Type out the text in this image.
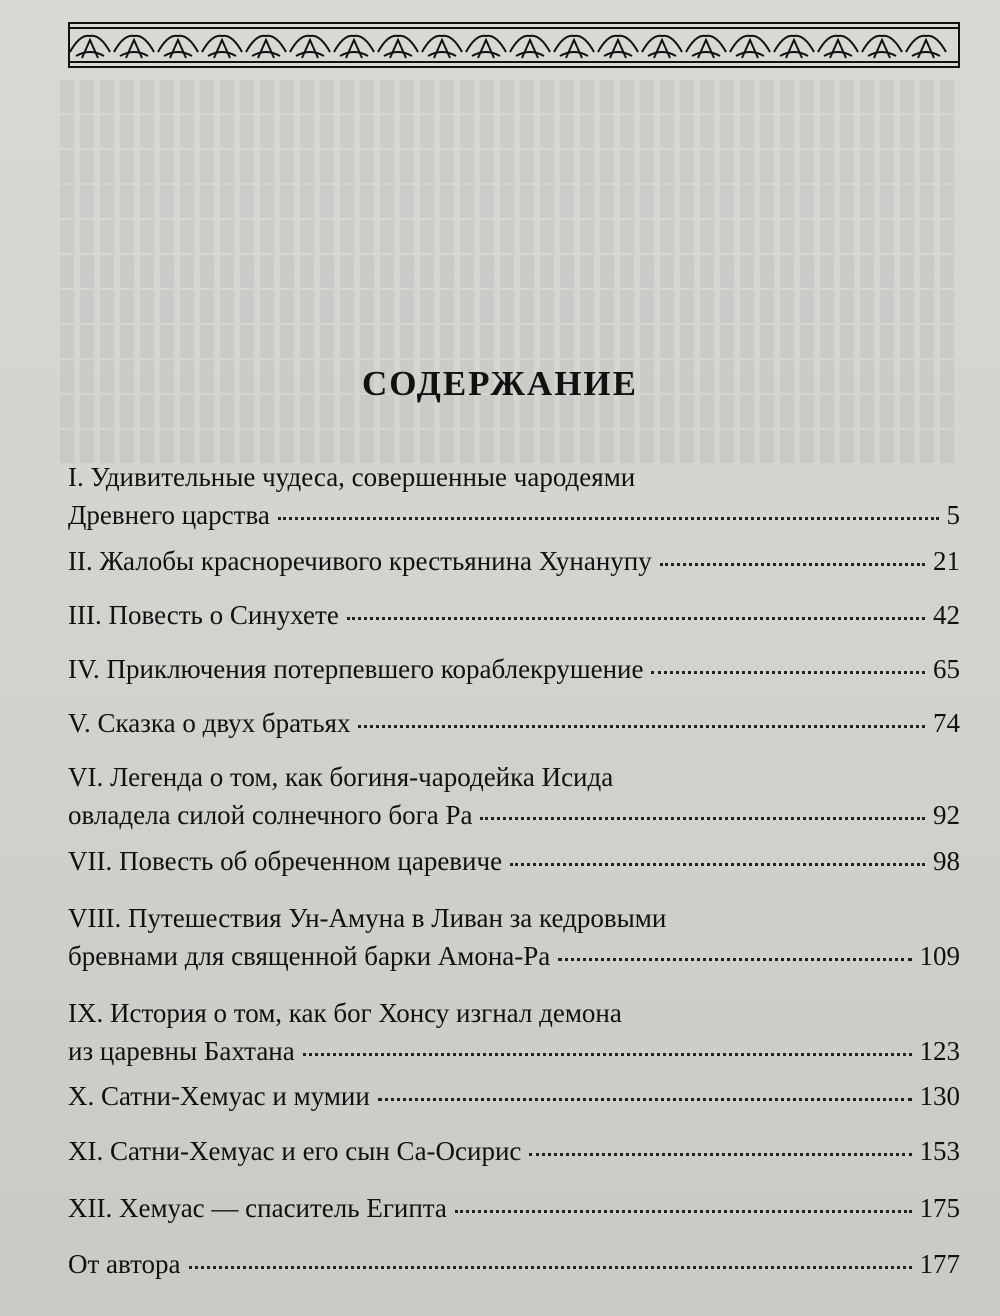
СОДЕРЖАНИЕ
I. Удивительные чудеса, совершенные чародеями
Древнего царства	5
II. Жалобы красноречивого крестьянина Хунанупу	21
III. Повесть о Синухете	42
IV. Приключения потерпевшего кораблекрушение	65
V. Сказка о двух братьях	74
VI. Легенда о том, как богиня-чародейка Исида
овладела силой солнечного бога Ра	92
VII. Повесть об обреченном царевиче	98
VIII. Путешествия Ун-Амуна в Ливан за кедровыми
бревнами для священной барки Амона-Ра	109
IX. История о том, как бог Хонсу изгнал демона
из царевны Бахтана	123
X. Сатни-Хемуас и мумии	130
XI. Сатни-Хемуас и его сын Са-Осирис	153
XII. Хемуас — спаситель Египта	175
От автора	177
